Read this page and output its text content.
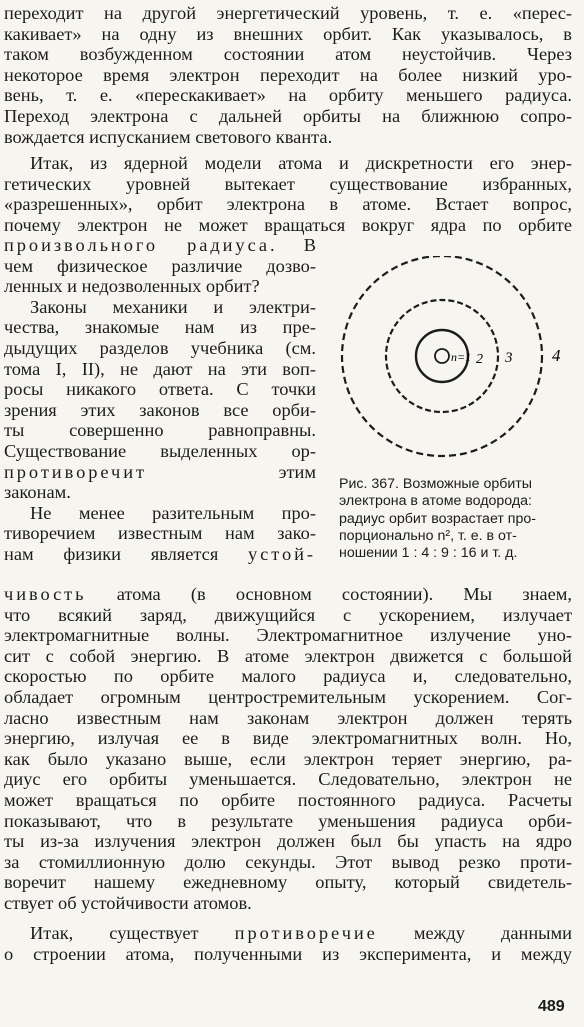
переходит на другой энергетический уровень, т. е. «перес-
какивает» на одну из внешних орбит. Как указывалось, в
таком возбужденном состоянии атом неустойчив. Через
некоторое время электрон переходит на более низкий уро-
вень, т. е. «перескакивает» на орбиту меньшего радиуса.
Переход электрона с дальней орбиты на ближнюю сопро-
вождается испусканием светового кванта.
Итак, из ядерной модели атома и дискретности его энер-
гетических уровней вытекает существование избранных,
«разрешенных», орбит электрона в атоме. Встает вопрос,
почему электрон не может вращаться вокруг ядра по орбите
произвольного радиуса. В
чем физическое различие дозво-
ленных и недозволенных орбит?
Законы механики и электри-
чества, знакомые нам из пре-
дыдущих разделов учебника (см.
тома I, II), не дают на эти воп-
росы никакого ответа. С точки
зрения этих законов все орби-
ты совершенно равноправны.
Существование выделенных ор-
противоречит	этим
законам.
Не менее разительным про-
тиворечием известным нам зако-
нам физики является устой-
n=1 2 3 4
Рис. 367. Возможные орбиты
электрона в атоме водорода:
радиус орбит возрастает про-
порционально n², т. е. в от-
ношении 1 : 4 : 9 : 16 и т. д.
чивость атома (в основном состоянии). Мы знаем,
что всякий заряд, движущийся с ускорением, излучает
электромагнитные волны. Электромагнитное излучение уно-
сит с собой энергию. В атоме электрон движется с большой
скоростью по орбите малого радиуса и, следовательно,
обладает огромным центростремительным ускорением. Сог-
ласно известным нам законам электрон должен терять
энергию, излучая ее в виде электромагнитных волн. Но,
как было указано выше, если электрон теряет энергию, ра-
диус его орбиты уменьшается. Следовательно, электрон не
может вращаться по орбите постоянного радиуса. Расчеты
показывают, что в результате уменьшения радиуса орби-
ты из-за излучения электрон должен был бы упасть на ядро
за стомиллионную долю секунды. Этот вывод резко проти-
воречит нашему ежедневному опыту, который свидетель-
ствует об устойчивости атомов.
Итак, существует противоречие между данными
о строении атома, полученными из эксперимента, и между
489
